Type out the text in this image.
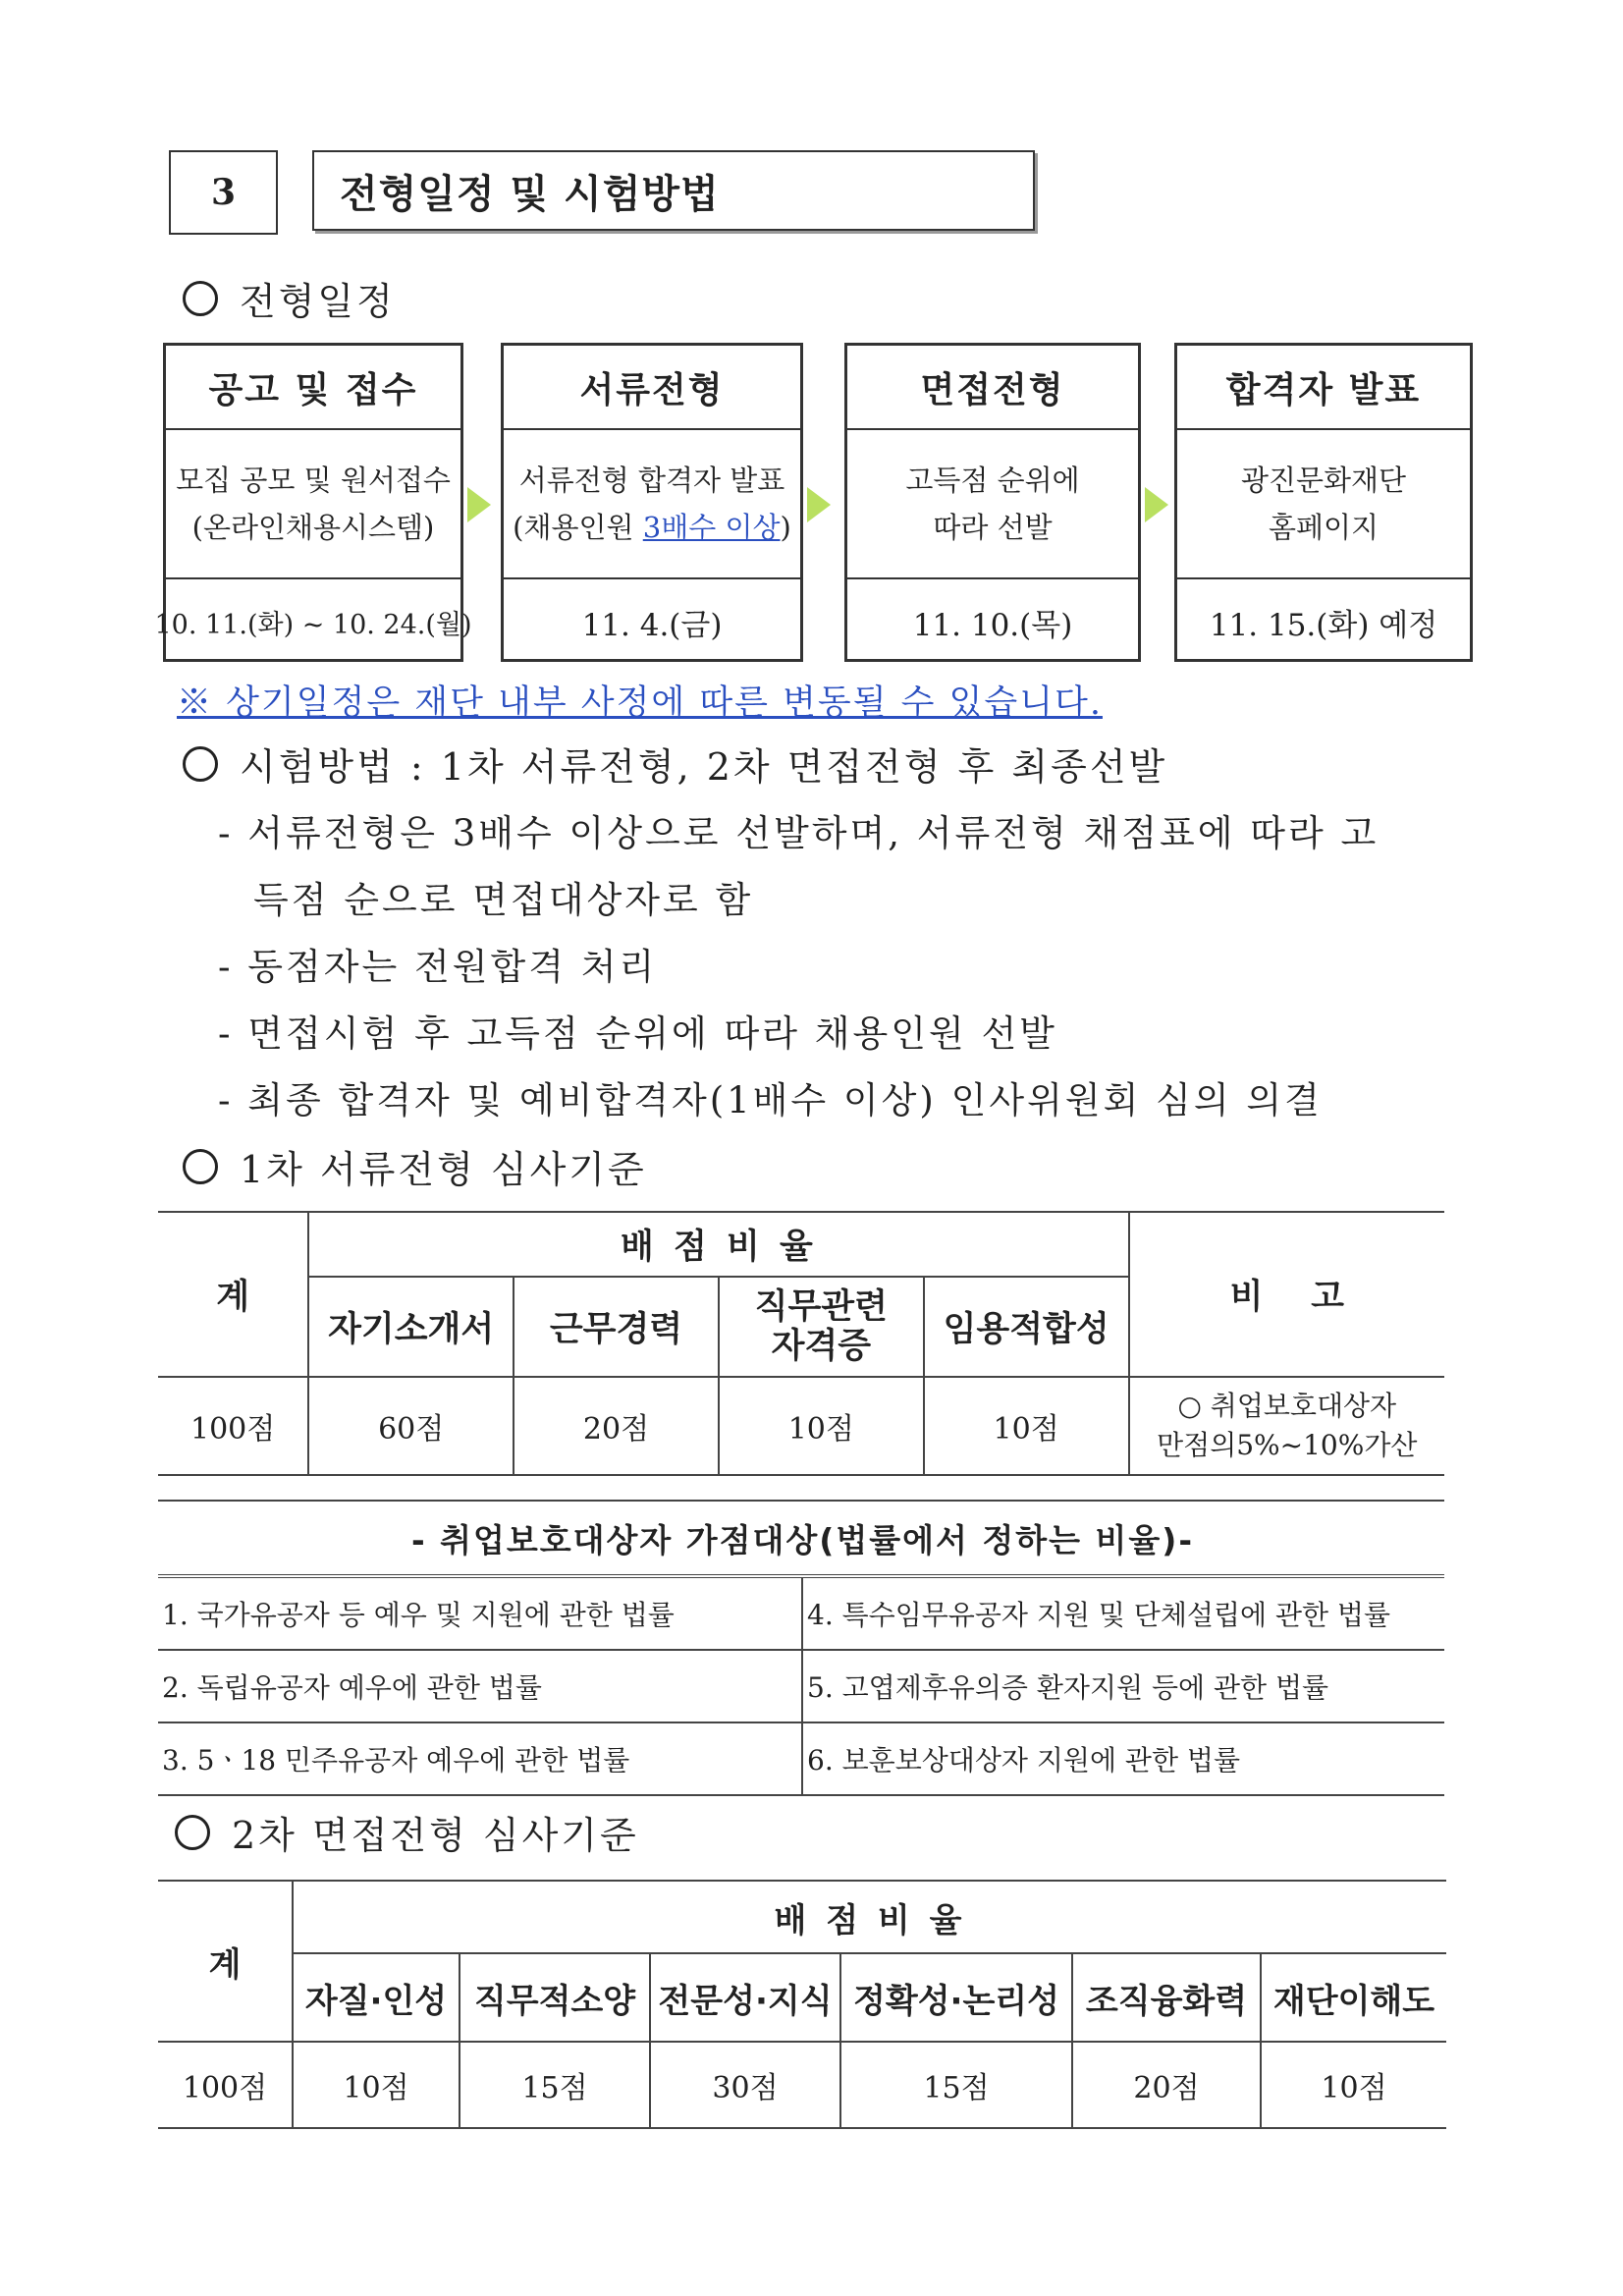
3	전형일정 및 시험방법
전형일정
공고 및 접수
모집 공모 및 원서접수
(온라인채용시스템)
10. 11.(화) ~ 10. 24.(월)
서류전형
서류전형 합격자 발표
(채용인원 3배수 이상)
11. 4.(금)
면접전형
고득점 순위에
따라 선발
11. 10.(목)
합격자 발표
광진문화재단
홈페이지
11. 15.(화) 예정
※ 상기일정은 재단 내부 사정에 따른 변동될 수 있습니다.
시험방법 : 1차 서류전형, 2차 면접전형 후 최종선발
- 서류전형은 3배수 이상으로 선발하며, 서류전형 채점표에 따라 고
득점 순으로 면접대상자로 함
- 동점자는 전원합격 처리
- 면접시험 후 고득점 순위에 따라 채용인원 선발
- 최종 합격자 및 예비합격자(1배수 이상) 인사위원회 심의 의결
1차 서류전형 심사기준
계	배 점 비 율				비    고
	자기소개서	근무경력	직무관련
자격증	임용적합성	
100점	60점	20점	10점	10점	○ 취업보호대상자
만점의5%~10%가산
- 취업보호대상자 가점대상(법률에서 정하는 비율)-	
1. 국가유공자 등 예우 및 지원에 관한 법률	4. 특수임무유공자 지원 및 단체설립에 관한 법률
2. 독립유공자 예우에 관한 법률	5. 고엽제후유의증 환자지원 등에 관한 법률
3. 5ㆍ18 민주유공자 예우에 관한 법률	6. 보훈보상대상자 지원에 관한 법률
2차 면접전형 심사기준
계	배 점 비 율					
	자질·인성	직무적소양	전문성·지식	정확성·논리성	조직융화력	재단이해도
100점	10점	15점	30점	15점	20점	10점
